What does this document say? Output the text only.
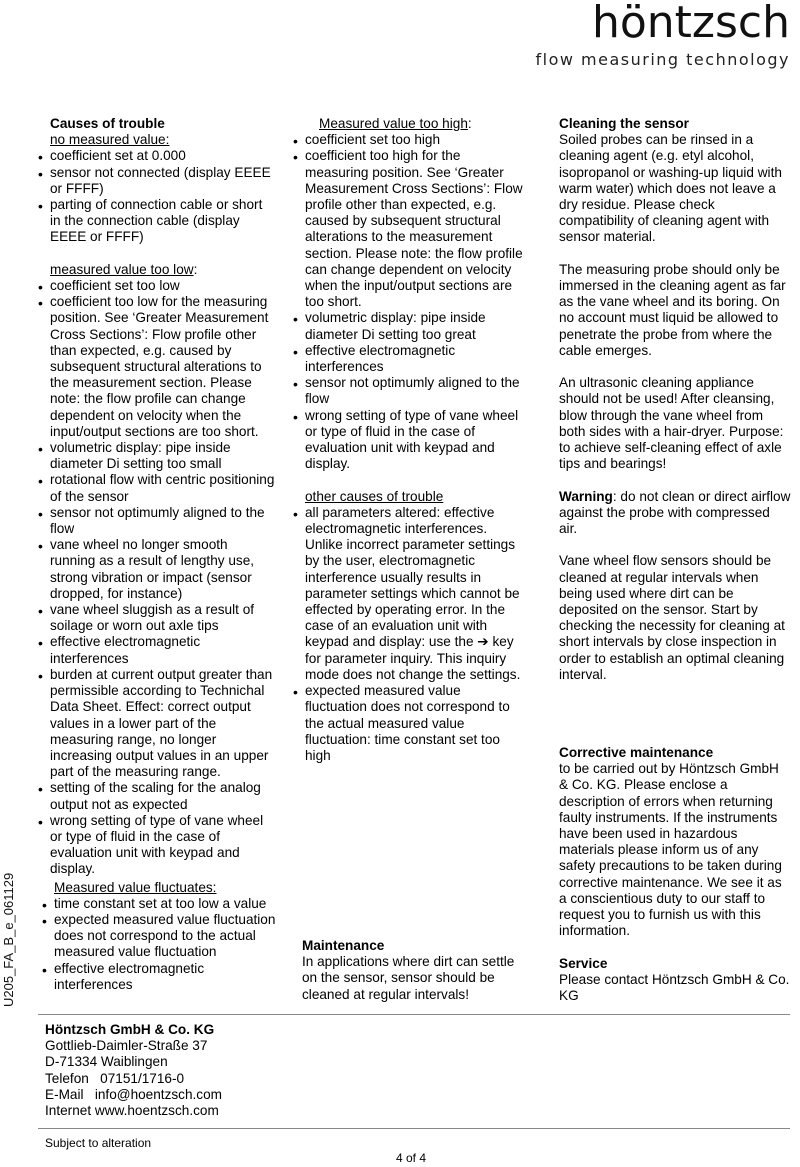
höntzsch
flow measuring technology
U205_FA_B_e_061129
Causes of trouble
no measured value:
• coefficient set at 0.000
• sensor not connected (display EEEE or FFFF)
• parting of connection cable or short in the connection cable (display EEEE or FFFF)
measured value too low:
• coefficient set too low
• coefficient too low for the measuring position. See ‘Greater Measurement Cross Sections’: Flow profile other than expected, e.g. caused by subsequent structural alterations to the measurement section. Please note: the flow profile can change dependent on velocity when the input/output sections are too short.
• volumetric display: pipe inside diameter Di setting too small
• rotational flow with centric positioning of the sensor
• sensor not optimumly aligned to the flow
• vane wheel no longer smooth running as a result of lengthy use, strong vibration or impact (sensor dropped, for instance)
• vane wheel sluggish as a result of soilage or worn out axle tips
• effective electromagnetic interferences
• burden at current output greater than permissible according to Technichal Data Sheet. Effect: correct output values in a lower part of the measuring range, no longer increasing output values in an upper part of the measuring range.
• setting of the scaling for the analog output not as expected
• wrong setting of type of vane wheel or type of fluid in the case of evaluation unit with keypad and display.
Measured value fluctuates:
• time constant set at too low a value
• expected measured value fluctuation does not correspond to the actual measured value fluctuation
• effective electromagnetic interferences
Measured value too high:
• coefficient set too high
• coefficient too high for the measuring position. See ‘Greater Measurement Cross Sections’: Flow profile other than expected, e.g. caused by subsequent structural alterations to the measurement section. Please note: the flow profile can change dependent on velocity when the input/output sections are too short.
• volumetric display: pipe inside diameter Di setting too great
• effective electromagnetic interferences
• sensor not optimumly aligned to the flow
• wrong setting of type of vane wheel or type of fluid in the case of evaluation unit with keypad and display.
other causes of trouble
• all parameters altered: effective electromagnetic interferences. Unlike incorrect parameter settings by the user, electromagnetic interference usually results in parameter settings which cannot be effected by operating error. In the case of an evaluation unit with keypad and display: use the ➔ key for parameter inquiry. This inquiry mode does not change the settings.
• expected measured value fluctuation does not correspond to the actual measured value fluctuation: time constant set too high
Maintenance
In applications where dirt can settle on the sensor, sensor should be cleaned at regular intervals!
Cleaning the sensor
Soiled probes can be rinsed in a cleaning agent (e.g. etyl alcohol, isopropanol or washing-up liquid with warm water) which does not leave a dry residue. Please check compatibility of cleaning agent with sensor material.
The measuring probe should only be immersed in the cleaning agent as far as the vane wheel and its boring. On no account must liquid be allowed to penetrate the probe from where the cable emerges.
An ultrasonic cleaning appliance should not be used! After cleansing, blow through the vane wheel from both sides with a hair-dryer. Purpose: to achieve self-cleaning effect of axle tips and bearings!
Warning: do not clean or direct airflow against the probe with compressed air.
Vane wheel flow sensors should be cleaned at regular intervals when being used where dirt can be deposited on the sensor. Start by checking the necessity for cleaning at short intervals by close inspection in order to establish an optimal cleaning interval.
Corrective maintenance
to be carried out by Höntzsch GmbH & Co. KG. Please enclose a description of errors when returning faulty instruments. If the instruments have been used in hazardous materials please inform us of any safety precautions to be taken during corrective maintenance. We see it as a conscientious duty to our staff to request you to furnish us with this information.
Service
Please contact Höntzsch GmbH & Co. KG
Höntzsch GmbH & Co. KG
Gottlieb-Daimler-Straße 37
D-71334 Waiblingen
Telefon   07151/1716-0
E-Mail   info@hoentzsch.com
Internet www.hoentzsch.com
Subject to alteration
4 of 4
